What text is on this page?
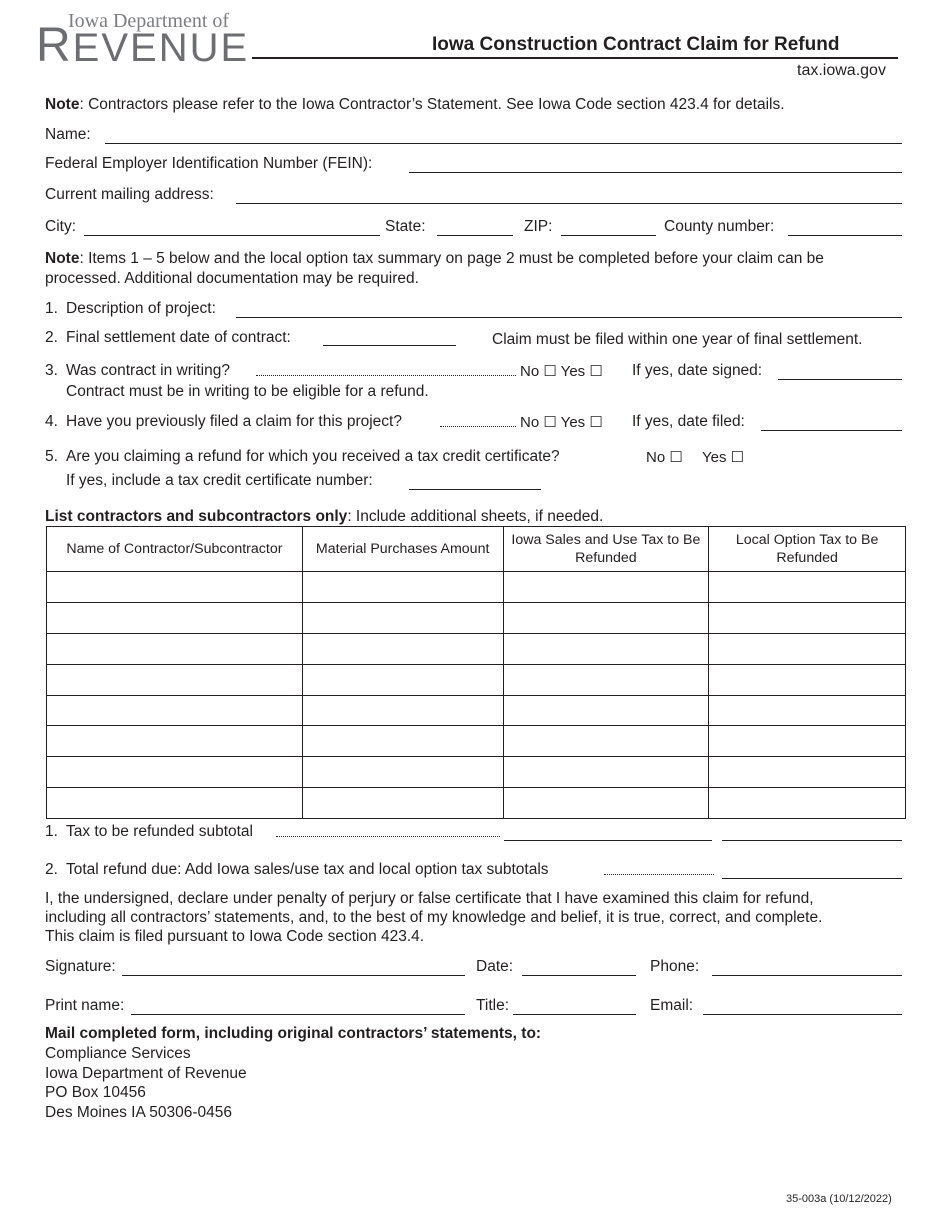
Iowa Department of
REVENUE	Iowa Construction Contract Claim for Refund
tax.iowa.gov
Note: Contractors please refer to the Iowa Contractor’s Statement. See Iowa Code section 423.4 for details.
Name:
Federal Employer Identification Number (FEIN):
Current mailing address:
City:	State:	ZIP:	County number:
Note: Items 1 – 5 below and the local option tax summary on page 2 must be completed before your claim can be
processed. Additional documentation may be required.
1. Description of project:
2. Final settlement date of contract:	Claim must be filed within one year of final settlement.
3. Was contract in writing?	No ☐ Yes ☐ If yes, date signed:
Contract must be in writing to be eligible for a refund.
4. Have you previously filed a claim for this project?	No ☐ Yes ☐ If yes, date filed:
5. Are you claiming a refund for which you received a tax credit certificate?	No ☐ Yes ☐
If yes, include a tax credit certificate number:
List contractors and subcontractors only: Include additional sheets, if needed.
Name of Contractor/Subcontractor	Material Purchases Amount	Iowa Sales and Use Tax to Be Refunded	Local Option Tax to Be Refunded

1. Tax to be refunded subtotal
2. Total refund due: Add Iowa sales/use tax and local option tax subtotals
I, the undersigned, declare under penalty of perjury or false certificate that I have examined this claim for refund,
including all contractors’ statements, and, to the best of my knowledge and belief, it is true, correct, and complete.
This claim is filed pursuant to Iowa Code section 423.4.
Signature:	Date:	Phone:
Print name:	Title:	Email:
Mail completed form, including original contractors’ statements, to:
Compliance Services
Iowa Department of Revenue
PO Box 10456
Des Moines IA 50306-0456
35-003a (10/12/2022)
